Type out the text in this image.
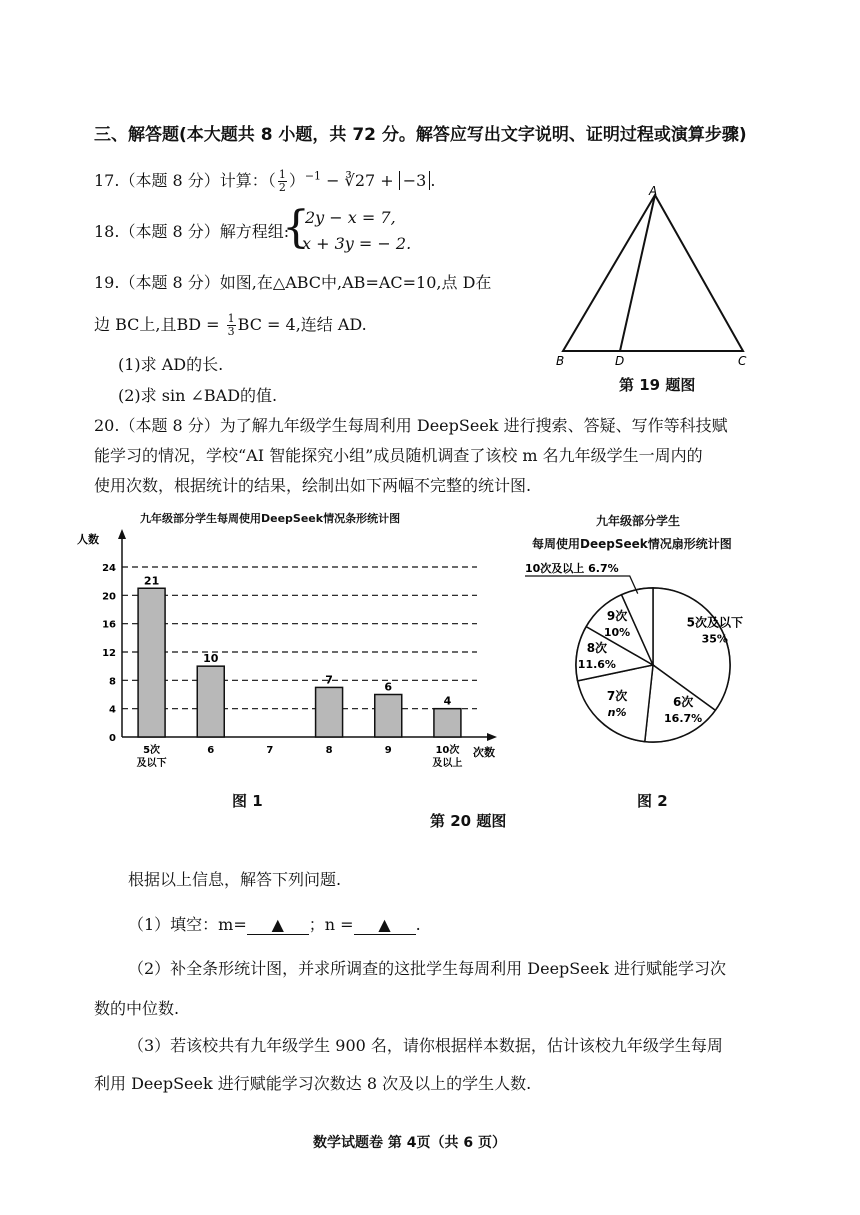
三、解答题(本大题共 8 小题，共 72 分。解答应写出文字说明、证明过程或演算步骤)
17.（本题 8 分）计算：（ $\frac{1}{2} )^{-1}$ − ∛27 + −3 .
18.（本题 8 分）解方程组:
{
2y − x = 7,
x + 3y = − 2.
19.（本题 8 分）如图,在△ABC中,AB=AC=10,点 D在
边 BC上,且BD = $\frac{1}{3}$ BC = 4,连结 AD.
(1)求 AD的长.
(2)求 sin ∠BAD的值.
A
B	D	C
第 19 题图
20.（本题 8 分）为了解九年级学生每周利用 DeepSeek 进行搜索、答疑、写作等科技赋
能学习的情况，学校“AI 智能探究小组”成员随机调查了该校 m 名九年级学生一周内的
使用次数，根据统计的结果，绘制出如下两幅不完整的统计图.
九年级部分学生每周使用DeepSeek情况条形统计图
人数
次数
0
4
8
12
16
20
24
21
5次
及以下
10
6	7
7
8
6
9
4
10次
及以上
九年级部分学生
每周使用DeepSeek情况扇形统计图
5次及以下
35%
6次
16.7%
7次
n%
8次
11.6%
9次
10%
10次及以上 6.7%
图 1	图 2
第 20 题图
根据以上信息，解答下列问题.
（1）填空：m= ▲ ；n = ▲ .
（2）补全条形统计图，并求所调查的这批学生每周利用 DeepSeek 进行赋能学习次
数的中位数.
（3）若该校共有九年级学生 900 名，请你根据样本数据，估计该校九年级学生每周
利用 DeepSeek 进行赋能学习次数达 8 次及以上的学生人数.
数学试题卷 第 4页（共 6 页）
